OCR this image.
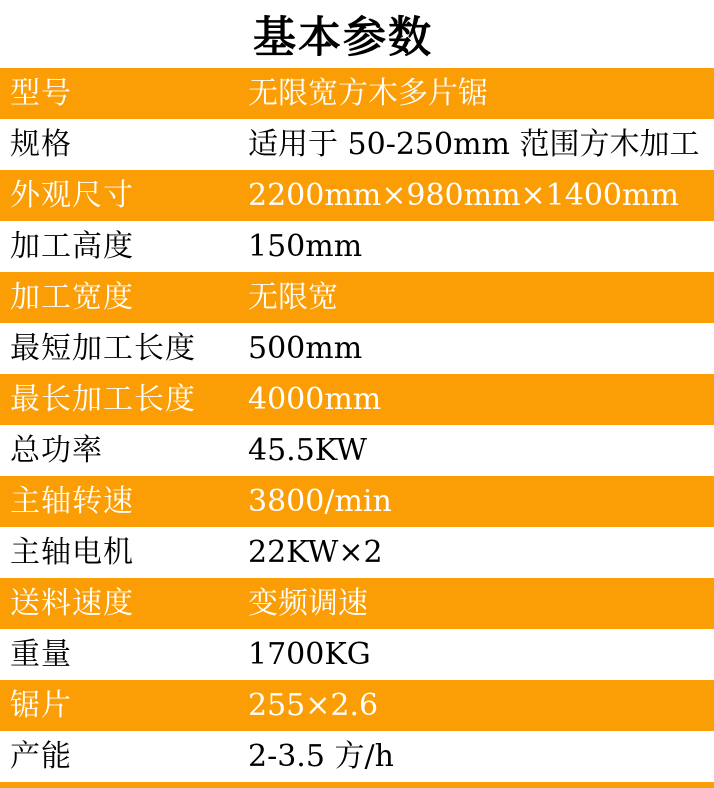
基本参数
型号	无限宽方木多片锯
规格	适用于 50-250mm 范围方木加工
外观尺寸	2200mm×980mm×1400mm
加工高度	150mm
加工宽度	无限宽
最短加工长度	500mm
最长加工长度	4000mm
总功率	45.5KW
主轴转速	3800/min
主轴电机	22KW×2
送料速度	变频调速
重量	1700KG
锯片	255×2.6
产能	2-3.5 方/h
